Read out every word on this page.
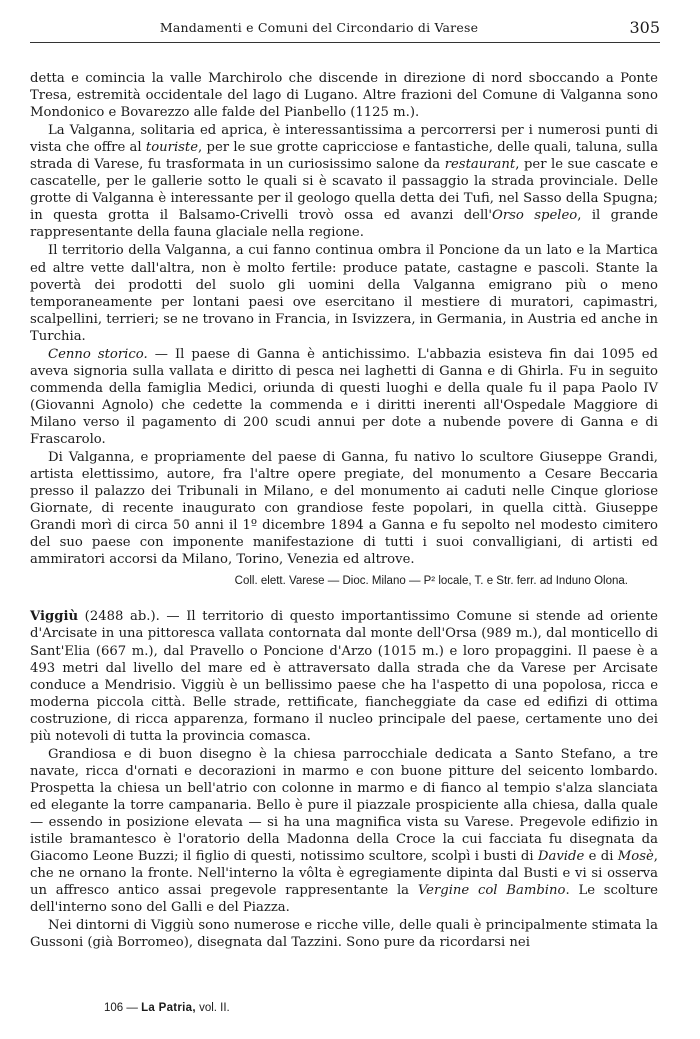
Mandamenti e Comuni del Circondario di Varese	305

detta e comincia la valle Marchirolo che discende in direzione di nord sboccando a Ponte Tresa, estremità occidentale del lago di Lugano. Altre frazioni del Comune di Valganna sono Mondonico e Bovarezzo alle falde del Pianbello (1125 m.).

La Valganna, solitaria ed aprica, è interessantissima a percorrersi per i numerosi punti di vista che offre al touriste, per le sue grotte capricciose e fantastiche, delle quali, taluna, sulla strada di Varese, fu trasformata in un curiosissimo salone da restaurant, per le sue cascate e cascatelle, per le gallerie sotto le quali si è scavato il passaggio la strada provinciale. Delle grotte di Valganna è interessante per il geologo quella detta dei Tufi, nel Sasso della Spugna; in questa grotta il Balsamo-Crivelli trovò ossa ed avanzi dell'Orso speleo, il grande rappresentante della fauna glaciale nella regione.

Il territorio della Valganna, a cui fanno continua ombra il Poncione da un lato e la Martica ed altre vette dall'altra, non è molto fertile: produce patate, castagne e pascoli. Stante la povertà dei prodotti del suolo gli uomini della Valganna emigrano più o meno temporaneamente per lontani paesi ove esercitano il mestiere di muratori, capimastri, scalpellini, terrieri; se ne trovano in Francia, in Isvizzera, in Germania, in Austria ed anche in Turchia.

Cenno storico. — Il paese di Ganna è antichissimo. L'abbazia esisteva fin dai 1095 ed aveva signoria sulla vallata e diritto di pesca nei laghetti di Ganna e di Ghirla. Fu in seguito commenda della famiglia Medici, oriunda di questi luoghi e della quale fu il papa Paolo IV (Giovanni Agnolo) che cedette la commenda e i diritti inerenti all'Ospedale Maggiore di Milano verso il pagamento di 200 scudi annui per dote a nubende povere di Ganna e di Frascarolo.

Di Valganna, e propriamente del paese di Ganna, fu nativo lo scultore Giuseppe Grandi, artista elettissimo, autore, fra l'altre opere pregiate, del monumento a Cesare Beccaria presso il palazzo dei Tribunali in Milano, e del monumento ai caduti nelle Cinque gloriose Giornate, di recente inaugurato con grandiose feste popolari, in quella città. Giuseppe Grandi morì di circa 50 anni il 1º dicembre 1894 a Ganna e fu sepolto nel modesto cimitero del suo paese con imponente manifestazione di tutti i suoi convalligiani, di artisti ed ammiratori accorsi da Milano, Torino, Venezia ed altrove.

Coll. elett. Varese — Dioc. Milano — P² locale, T. e Str. ferr. ad Induno Olona.

Viggiù (2488 ab.). — Il territorio di questo importantissimo Comune si stende ad oriente d'Arcisate in una pittoresca vallata contornata dal monte dell'Orsa (989 m.), dal monticello di Sant'Elia (667 m.), dal Pravello o Poncione d'Arzo (1015 m.) e loro propaggini. Il paese è a 493 metri dal livello del mare ed è attraversato dalla strada che da Varese per Arcisate conduce a Mendrisio. Viggiù è un bellissimo paese che ha l'aspetto di una popolosa, ricca e moderna piccola città. Belle strade, rettificate, fiancheggiate da case ed edifizi di ottima costruzione, di ricca apparenza, formano il nucleo principale del paese, certamente uno dei più notevoli di tutta la provincia comasca.

Grandiosa e di buon disegno è la chiesa parrocchiale dedicata a Santo Stefano, a tre navate, ricca d'ornati e decorazioni in marmo e con buone pitture del seicento lombardo. Prospetta la chiesa un bell'atrio con colonne in marmo e di fianco al tempio s'alza slanciata ed elegante la torre campanaria. Bello è pure il piazzale prospiciente alla chiesa, dalla quale — essendo in posizione elevata — si ha una magnifica vista su Varese. Pregevole edifizio in istile bramantesco è l'oratorio della Madonna della Croce la cui facciata fu disegnata da Giacomo Leone Buzzi; il figlio di questi, notissimo scultore, scolpì i busti di Davide e di Mosè, che ne ornano la fronte. Nell'interno la vôlta è egregiamente dipinta dal Busti e vi si osserva un affresco antico assai pregevole rappresentante la Vergine col Bambino. Le scolture dell'interno sono del Galli e del Piazza.

Nei dintorni di Viggiù sono numerose e ricche ville, delle quali è principalmente stimata la Gussoni (già Borromeo), disegnata dal Tazzini. Sono pure da ricordarsi nei

106 — La Patria, vol. II.
